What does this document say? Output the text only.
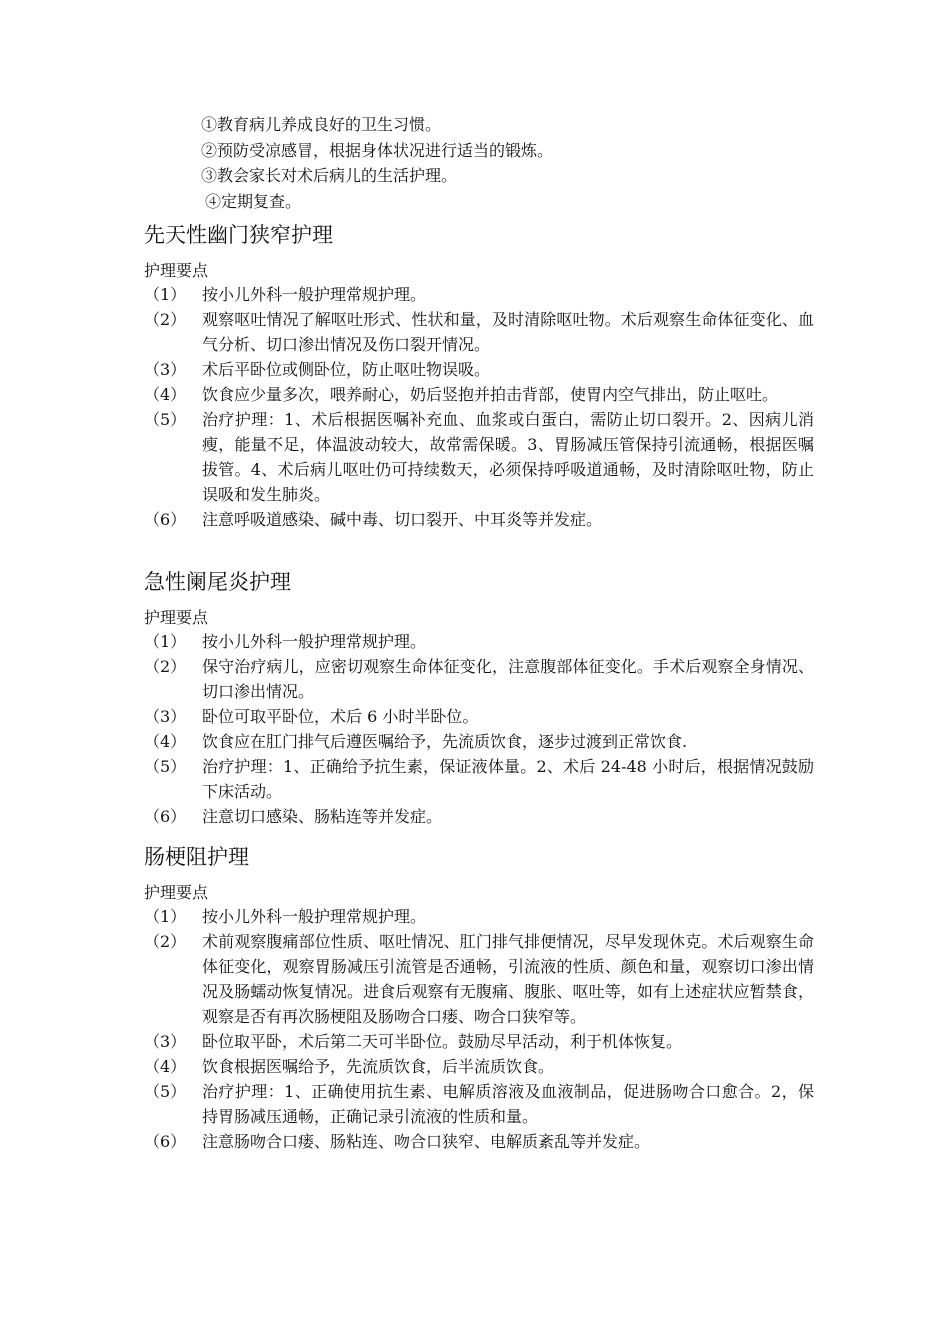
①教育病儿养成良好的卫生习惯。
②预防受凉感冒，根据身体状况进行适当的锻炼。
③教会家长对术后病儿的生活护理。
④定期复查。
先天性幽门狭窄护理
护理要点
（1） 按小儿外科一般护理常规护理。
（2） 观察呕吐情况了解呕吐形式、性状和量，及时清除呕吐物。术后观察生命体征变化、血气分析、切口渗出情况及伤口裂开情况。
（3） 术后平卧位或侧卧位，防止呕吐物误吸。
（4） 饮食应少量多次，喂养耐心，奶后竖抱并拍击背部，使胃内空气排出，防止呕吐。
（5） 治疗护理：1、术后根据医嘱补充血、血浆或白蛋白，需防止切口裂开。2、因病儿消瘦，能量不足，体温波动较大，故常需保暖。3、胃肠减压管保持引流通畅，根据医嘱拔管。4、术后病儿呕吐仍可持续数天，必须保持呼吸道通畅，及时清除呕吐物，防止误吸和发生肺炎。
（6） 注意呼吸道感染、碱中毒、切口裂开、中耳炎等并发症。
急性阑尾炎护理
护理要点
（1） 按小儿外科一般护理常规护理。
（2） 保守治疗病儿，应密切观察生命体征变化，注意腹部体征变化。手术后观察全身情况、切口渗出情况。
（3） 卧位可取平卧位，术后 6 小时半卧位。
（4） 饮食应在肛门排气后遵医嘱给予，先流质饮食，逐步过渡到正常饮食.
（5） 治疗护理：1、正确给予抗生素，保证液体量。2、术后 24-48 小时后，根据情况鼓励下床活动。
（6） 注意切口感染、肠粘连等并发症。
肠梗阻护理
护理要点
（1） 按小儿外科一般护理常规护理。
（2） 术前观察腹痛部位性质、呕吐情况、肛门排气排便情况，尽早发现休克。术后观察生命体征变化，观察胃肠减压引流管是否通畅，引流液的性质、颜色和量，观察切口渗出情况及肠蠕动恢复情况。进食后观察有无腹痛、腹胀、呕吐等，如有上述症状应暂禁食，观察是否有再次肠梗阻及肠吻合口瘘、吻合口狭窄等。
（3） 卧位取平卧，术后第二天可半卧位。鼓励尽早活动，利于机体恢复。
（4） 饮食根据医嘱给予，先流质饮食，后半流质饮食。
（5） 治疗护理：1、正确使用抗生素、电解质溶液及血液制品，促进肠吻合口愈合。2，保持胃肠减压通畅，正确记录引流液的性质和量。
（6） 注意肠吻合口瘘、肠粘连、吻合口狭窄、电解质紊乱等并发症。
